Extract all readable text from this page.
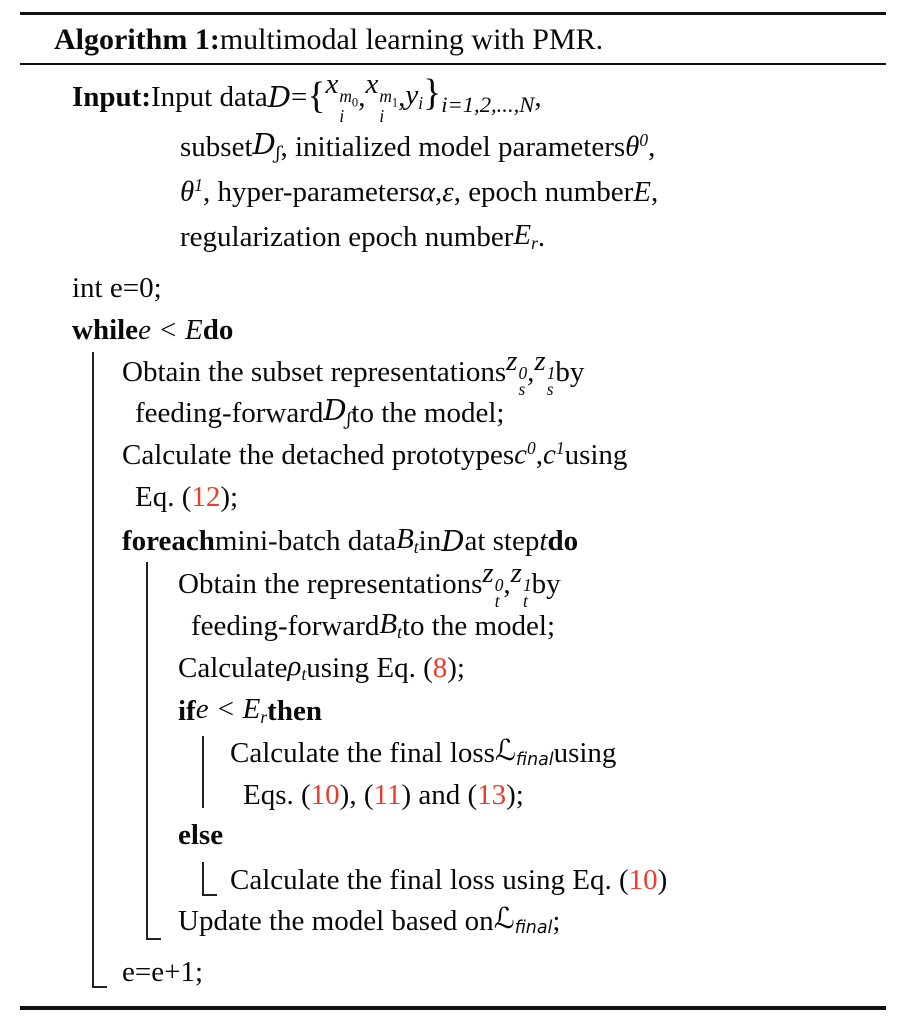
Algorithm 1: multimodal learning with PMR.
Input: Input data D = { x $m_0$
i
, x $m_1$
i
, $y_i$ }$_{i=1,2,...,N}$ ,
subset $D_ʃ$ , initialized model parameters $\theta^0$ ,
$\theta^1$ , hyper-parameters α , ε , epoch number E ,
regularization epoch number $E_r$ .
int e=0;
while e < E do
Obtain the subset representations z 0
s
, z 1
s
by
feeding-forward $D_ʃ$ to the model;
Calculate the detached prototypes $c^0$ , $c^1$ using
Eq. ( 12 );
foreach mini-batch data $B_t$ in D at step t do
Obtain the representations z 0
t
, z 1
t
by
feeding-forward $B_t$ to the model;
Calculate $\rho_t$ using Eq. ( 8 );
if $e < E_r$ then
Calculate the final loss ℒ$_{final}$ using
Eqs. ( 10 ), ( 11 ) and ( 13 );
else
Calculate the final loss using Eq. ( 10 )
Update the model based on ℒ$_{final}$ ;
e=e+1;
